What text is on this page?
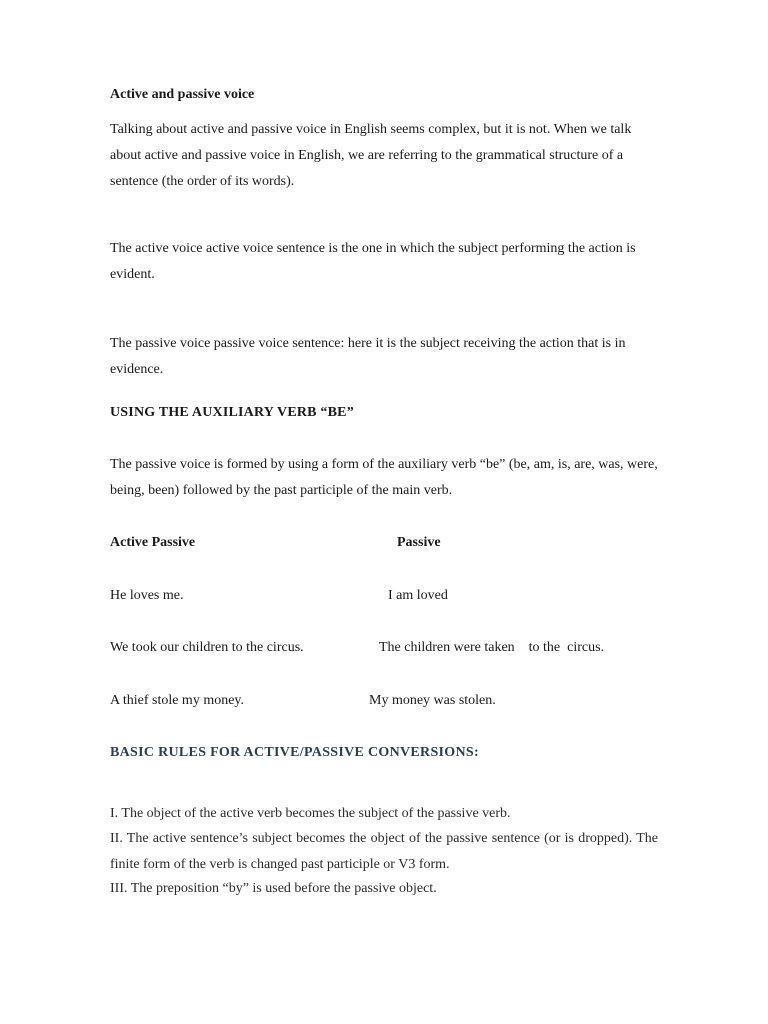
Active and passive voice

Talking about active and passive voice in English seems complex, but it is not. When we talk about active and passive voice in English, we are referring to the grammatical structure of a sentence (the order of its words).

The active voice active voice sentence is the one in which the subject performing the action is evident.

The passive voice passive voice sentence: here it is the subject receiving the action that is in evidence.

USING THE AUXILIARY VERB “BE”

The passive voice is formed by using a form of the auxiliary verb “be” (be, am, is, are, was, were, being, been) followed by the past participle of the main verb.

Active Passive	Passive
He loves me.	I am loved
We took our children to the circus.	The children were taken    to the  circus.
A thief stole my money.	My money was stolen.

BASIC RULES FOR ACTIVE/PASSIVE CONVERSIONS:

I. The object of the active verb becomes the subject of the passive verb.

II. The active sentence’s subject becomes the object of the passive sentence (or is dropped). The finite form of the verb is changed past participle or V3 form.

III. The preposition “by” is used before the passive object.
